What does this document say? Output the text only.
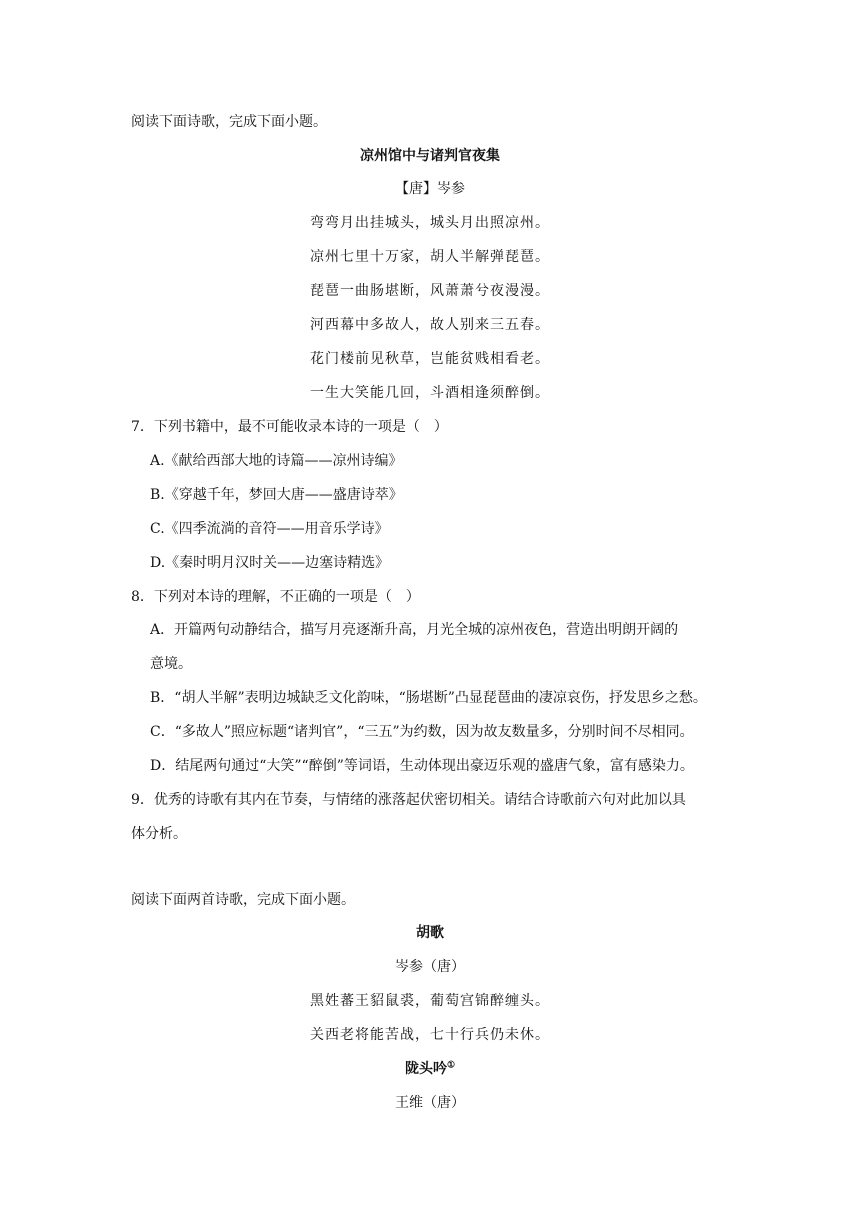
阅读下面诗歌，完成下面小题。
凉州馆中与诸判官夜集
【唐】岑参
弯弯月出挂城头，城头月出照凉州。
凉州七里十万家，胡人半解弹琵琶。
琵琶一曲肠堪断，风萧萧兮夜漫漫。
河西幕中多故人，故人别来三五春。
花门楼前见秋草，岂能贫贱相看老。
一生大笑能几回，斗酒相逢须醉倒。
7．下列书籍中，最不可能收录本诗的一项是（　）
A.《献给西部大地的诗篇——凉州诗编》
B.《穿越千年，梦回大唐——盛唐诗萃》
C.《四季流淌的音符——用音乐学诗》
D.《秦时明月汉时关——边塞诗精选》
8．下列对本诗的理解，不正确的一项是（　）
A．开篇两句动静结合，描写月亮逐渐升高，月光全城的凉州夜色，营造出明朗开阔的
意境。
B．“胡人半解”表明边城缺乏文化韵味，“肠堪断”凸显琵琶曲的凄凉哀伤，抒发思乡之愁。
C．“多故人”照应标题“诸判官”，“三五”为约数，因为故友数量多，分别时间不尽相同。
D．结尾两句通过“大笑”“醉倒”等词语，生动体现出豪迈乐观的盛唐气象，富有感染力。
9．优秀的诗歌有其内在节奏，与情绪的涨落起伏密切相关。请结合诗歌前六句对此加以具
体分析。
阅读下面两首诗歌，完成下面小题。
胡歌
岑参（唐）
黑姓蕃王貂鼠裘，葡萄宫锦醉缠头。
关西老将能苦战，七十行兵仍未休。
陇头吟①
王维（唐）
